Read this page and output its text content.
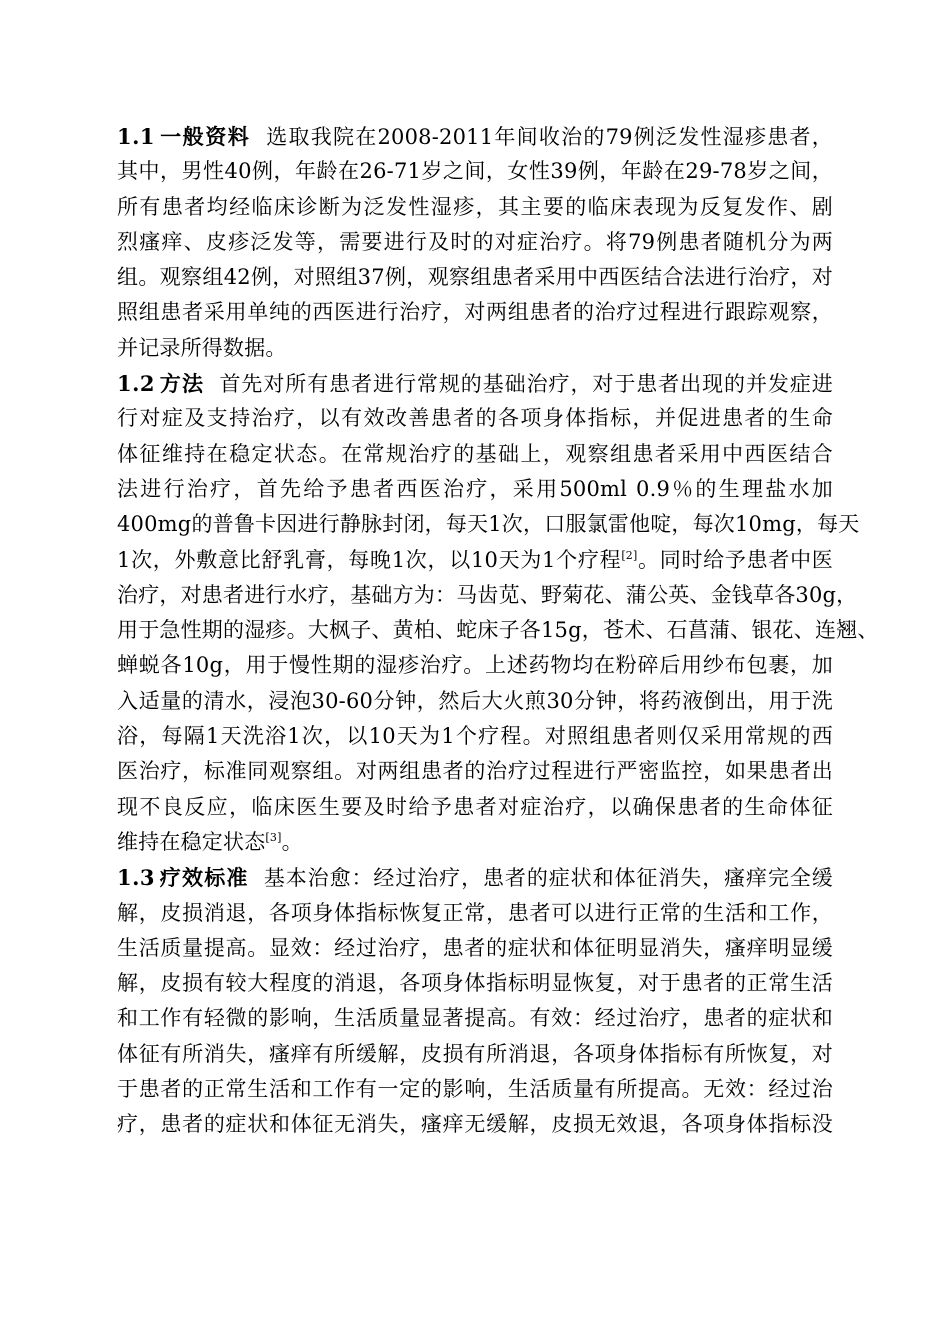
1.1 一般资料 选取我院在2008-2011年间收治的79例泛发性湿疹患者，
其中，男性40例，年龄在26-71岁之间，女性39例，年龄在29-78岁之间，
所有患者均经临床诊断为泛发性湿疹，其主要的临床表现为反复发作、剧
烈瘙痒、皮疹泛发等，需要进行及时的对症治疗。将79例患者随机分为两
组。观察组42例，对照组37例，观察组患者采用中西医结合法进行治疗，对
照组患者采用单纯的西医进行治疗，对两组患者的治疗过程进行跟踪观察，
并记录所得数据。
1.2 方法 首先对所有患者进行常规的基础治疗，对于患者出现的并发症进
行对症及支持治疗，以有效改善患者的各项身体指标，并促进患者的生命
体征维持在稳定状态。在常规治疗的基础上，观察组患者采用中西医结合
法进行治疗，首先给予患者西医治疗，采用500ml 0.9％的生理盐水加
400mg的普鲁卡因进行静脉封闭，每天1次，口服氯雷他啶，每次10mg，每天
1次，外敷意比舒乳膏，每晚1次，以10天为1个疗程[2]。同时给予患者中医
治疗，对患者进行水疗，基础方为：马齿苋、野菊花、蒲公英、金钱草各30g，
用于急性期的湿疹。大枫子、黄柏、蛇床子各15g，苍术、石菖蒲、银花、连翘、
蝉蜕各10g，用于慢性期的湿疹治疗。上述药物均在粉碎后用纱布包裹，加
入适量的清水，浸泡30-60分钟，然后大火煎30分钟，将药液倒出，用于洗
浴，每隔1天洗浴1次，以10天为1个疗程。对照组患者则仅采用常规的西
医治疗，标准同观察组。对两组患者的治疗过程进行严密监控，如果患者出
现不良反应，临床医生要及时给予患者对症治疗，以确保患者的生命体征
维持在稳定状态[3]。
1.3 疗效标准 基本治愈：经过治疗，患者的症状和体征消失，瘙痒完全缓
解，皮损消退，各项身体指标恢复正常，患者可以进行正常的生活和工作，
生活质量提高。显效：经过治疗，患者的症状和体征明显消失，瘙痒明显缓
解，皮损有较大程度的消退，各项身体指标明显恢复，对于患者的正常生活
和工作有轻微的影响，生活质量显著提高。有效：经过治疗，患者的症状和
体征有所消失，瘙痒有所缓解，皮损有所消退，各项身体指标有所恢复，对
于患者的正常生活和工作有一定的影响，生活质量有所提高。无效：经过治
疗，患者的症状和体征无消失，瘙痒无缓解，皮损无效退，各项身体指标没
